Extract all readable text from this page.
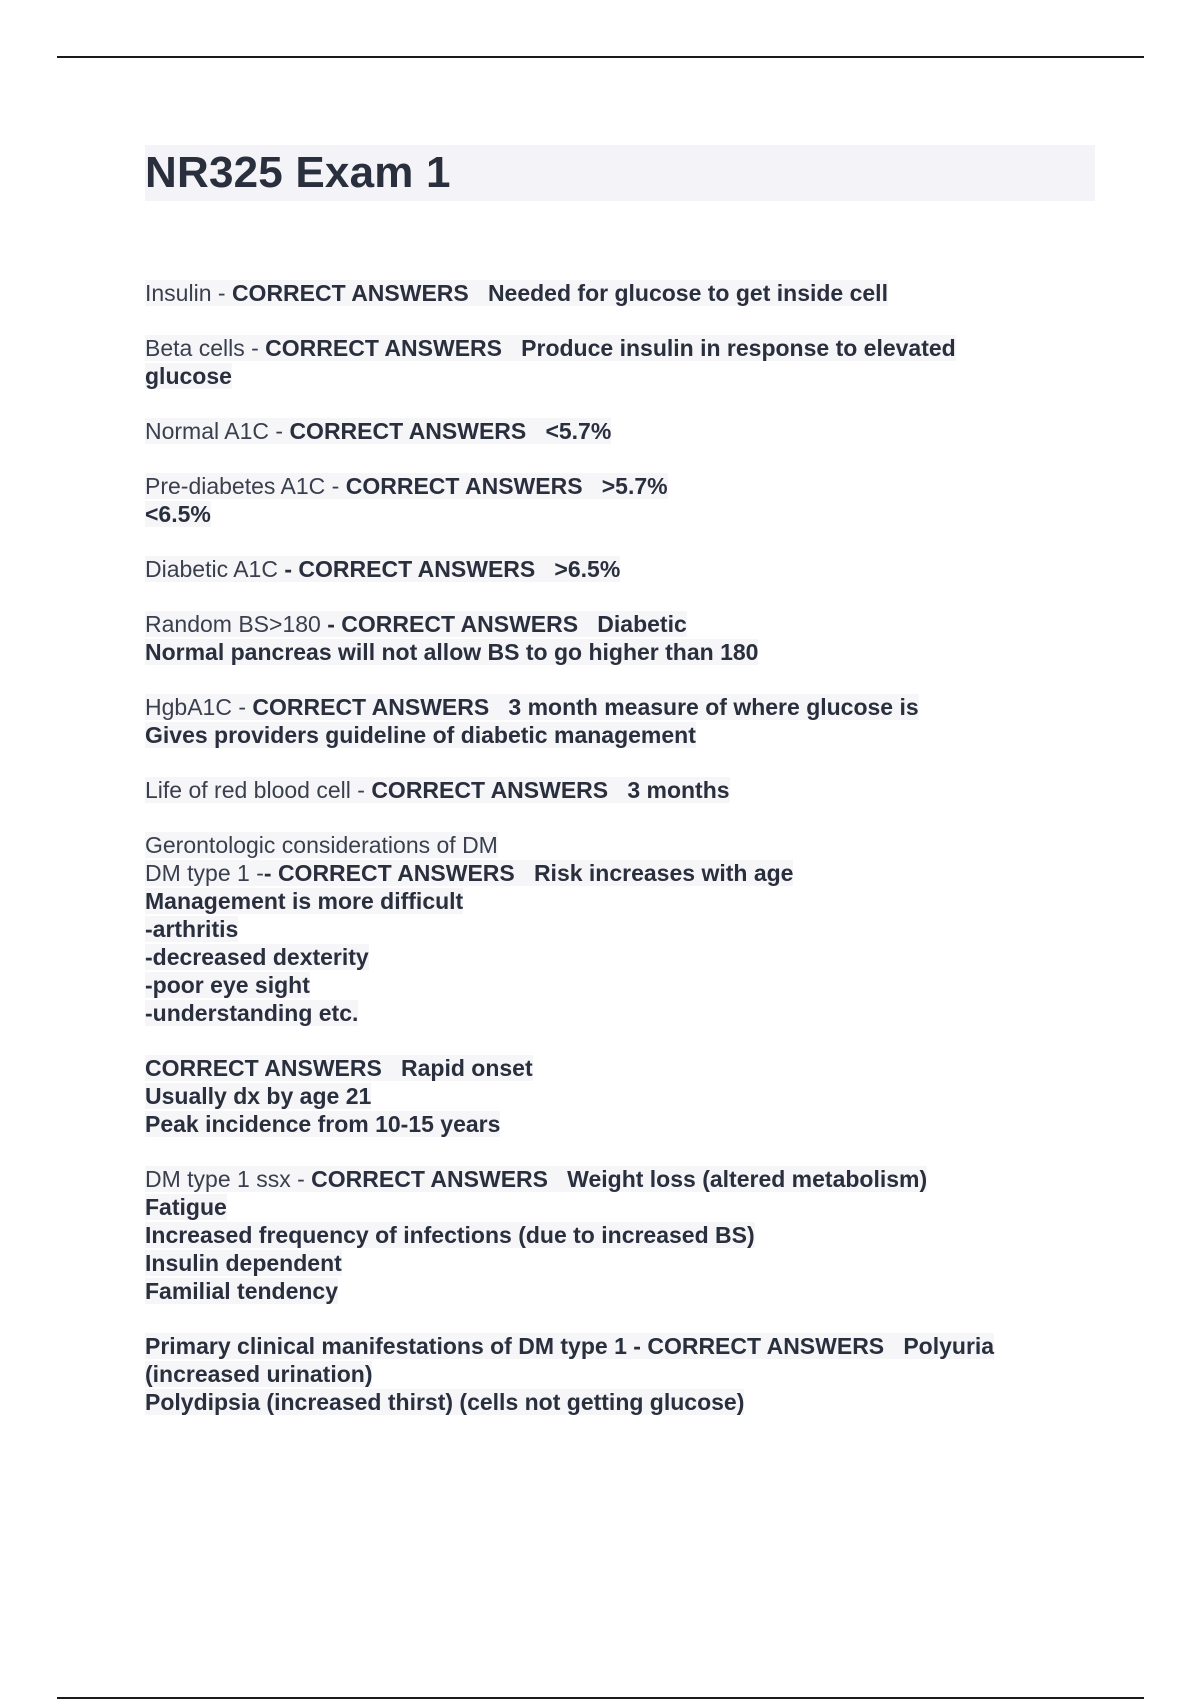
NR325 Exam 1
Insulin - CORRECT ANSWERS Needed for glucose to get inside cell
Beta cells - CORRECT ANSWERS Produce insulin in response to elevated
glucose
Normal A1C - CORRECT ANSWERS <5.7%
Pre-diabetes A1C - CORRECT ANSWERS >5.7%
<6.5%
Diabetic A1C - CORRECT ANSWERS >6.5%
Random BS>180 - CORRECT ANSWERS Diabetic
Normal pancreas will not allow BS to go higher than 180
HgbA1C - CORRECT ANSWERS 3 month measure of where glucose is
Gives providers guideline of diabetic management
Life of red blood cell - CORRECT ANSWERS 3 months
Gerontologic considerations of DM
DM type 1 -- CORRECT ANSWERS Risk increases with age
Management is more difficult
-arthritis
-decreased dexterity
-poor eye sight
-understanding etc.
CORRECT ANSWERS Rapid onset
Usually dx by age 21
Peak incidence from 10-15 years
DM type 1 ssx - CORRECT ANSWERS Weight loss (altered metabolism)
Fatigue
Increased frequency of infections (due to increased BS)
Insulin dependent
Familial tendency
Primary clinical manifestations of DM type 1 - CORRECT ANSWERS Polyuria
(increased urination)
Polydipsia (increased thirst) (cells not getting glucose)
